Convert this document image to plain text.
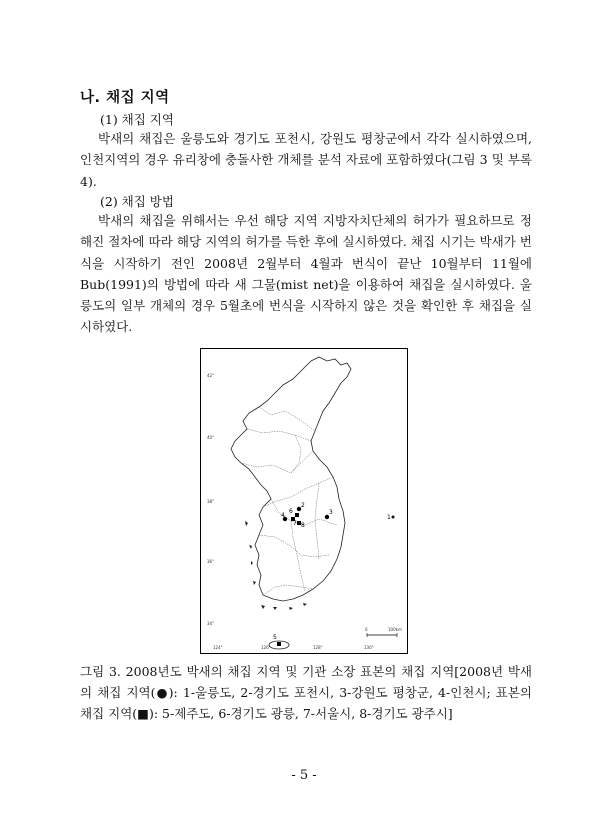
나. 채집 지역
(1) 채집 지역

박새의 채집은 울릉도와 경기도 포천시, 강원도 평창군에서 각각 실시하였으며, 인천지역의 경우 유리창에 충돌사한 개체를 분석 자료에 포함하였다(그림 3 및 부록 4).

(2) 채집 방법

박새의 채집을 위해서는 우선 해당 지역 지방자치단체의 허가가 필요하므로 정해진 절차에 따라 해당 지역의 허가를 득한 후에 실시하였다. 채집 시기는 박새가 번식을 시작하기 전인 2008년 2월부터 4월과 번식이 끝난 10월부터 11월에 Bub(1991)의 방법에 따라 새 그물(mist net)을 이용하여 채집을 실시하였다. 울릉도의 일부 개체의 경우 5월초에 번식을 시작하지 않은 것을 확인한 후 채집을 실시하였다.

42°
40°
38°
36°
34°
124°	126°	128°	130°
1
2
3
4
5
6
7 8
0	100km

그림 3. 2008년도 박새의 채집 지역 및 기관 소장 표본의 채집 지역[2008년 박새의 채집 지역(●): 1-울릉도, 2-경기도 포천시, 3-강원도 평창군, 4-인천시; 표본의 채집 지역(■): 5-제주도, 6-경기도 광릉, 7-서울시, 8-경기도 광주시]

- 5 -
